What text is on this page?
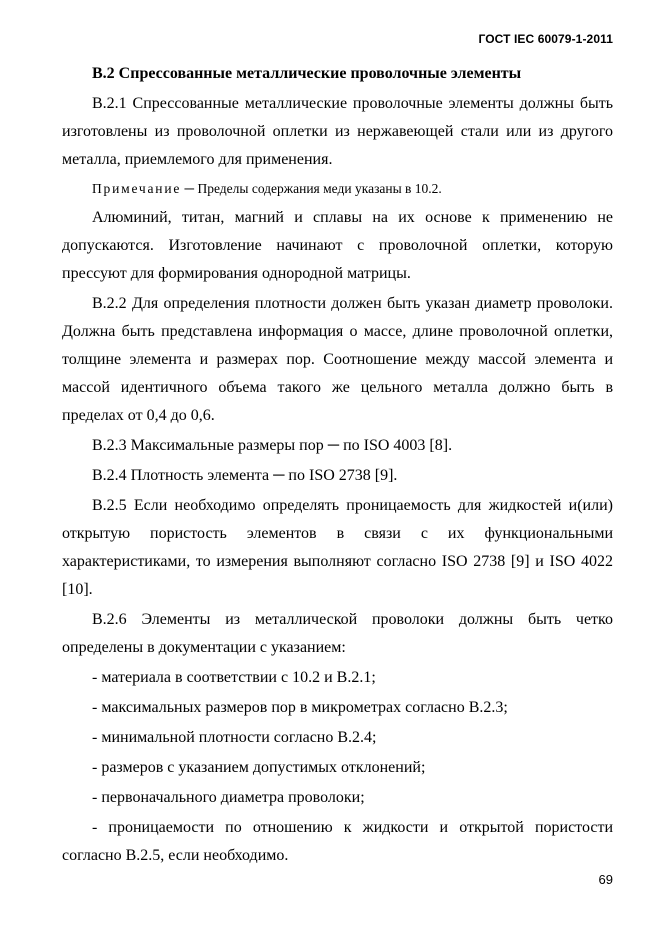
ГОСТ IEC 60079-1-2011

В.2 Спрессованные металлические проволочные элементы

В.2.1 Спрессованные металлические проволочные элементы должны быть изготовлены из проволочной оплетки из нержавеющей стали или из другого металла, приемлемого для применения.

Примечание ─ Пределы содержания меди указаны в 10.2.

Алюминий, титан, магний и сплавы на их основе к применению не допускаются. Изготовление начинают с проволочной оплетки, которую прессуют для формирования однородной матрицы.

В.2.2 Для определения плотности должен быть указан диаметр проволоки. Должна быть представлена информация о массе, длине проволочной оплетки, толщине элемента и размерах пор. Соотношение между массой элемента и массой идентичного объема такого же цельного металла должно быть в пределах от 0,4 до 0,6.

В.2.3 Максимальные размеры пор ─ по ISO 4003 [8].

В.2.4 Плотность элемента ─ по ISO 2738 [9].

В.2.5 Если необходимо определять проницаемость для жидкостей и(или) открытую пористость элементов в связи с их функциональными характеристиками, то измерения выполняют согласно ISO 2738 [9] и ISO 4022 [10].

В.2.6 Элементы из металлической проволоки должны быть четко определены в документации с указанием:

- материала в соответствии с 10.2 и В.2.1;

- максимальных размеров пор в микрометрах согласно В.2.3;

- минимальной плотности согласно В.2.4;

- размеров с указанием допустимых отклонений;

- первоначального диаметра проволоки;

- проницаемости по отношению к жидкости и открытой пористости согласно В.2.5, если необходимо.

69
